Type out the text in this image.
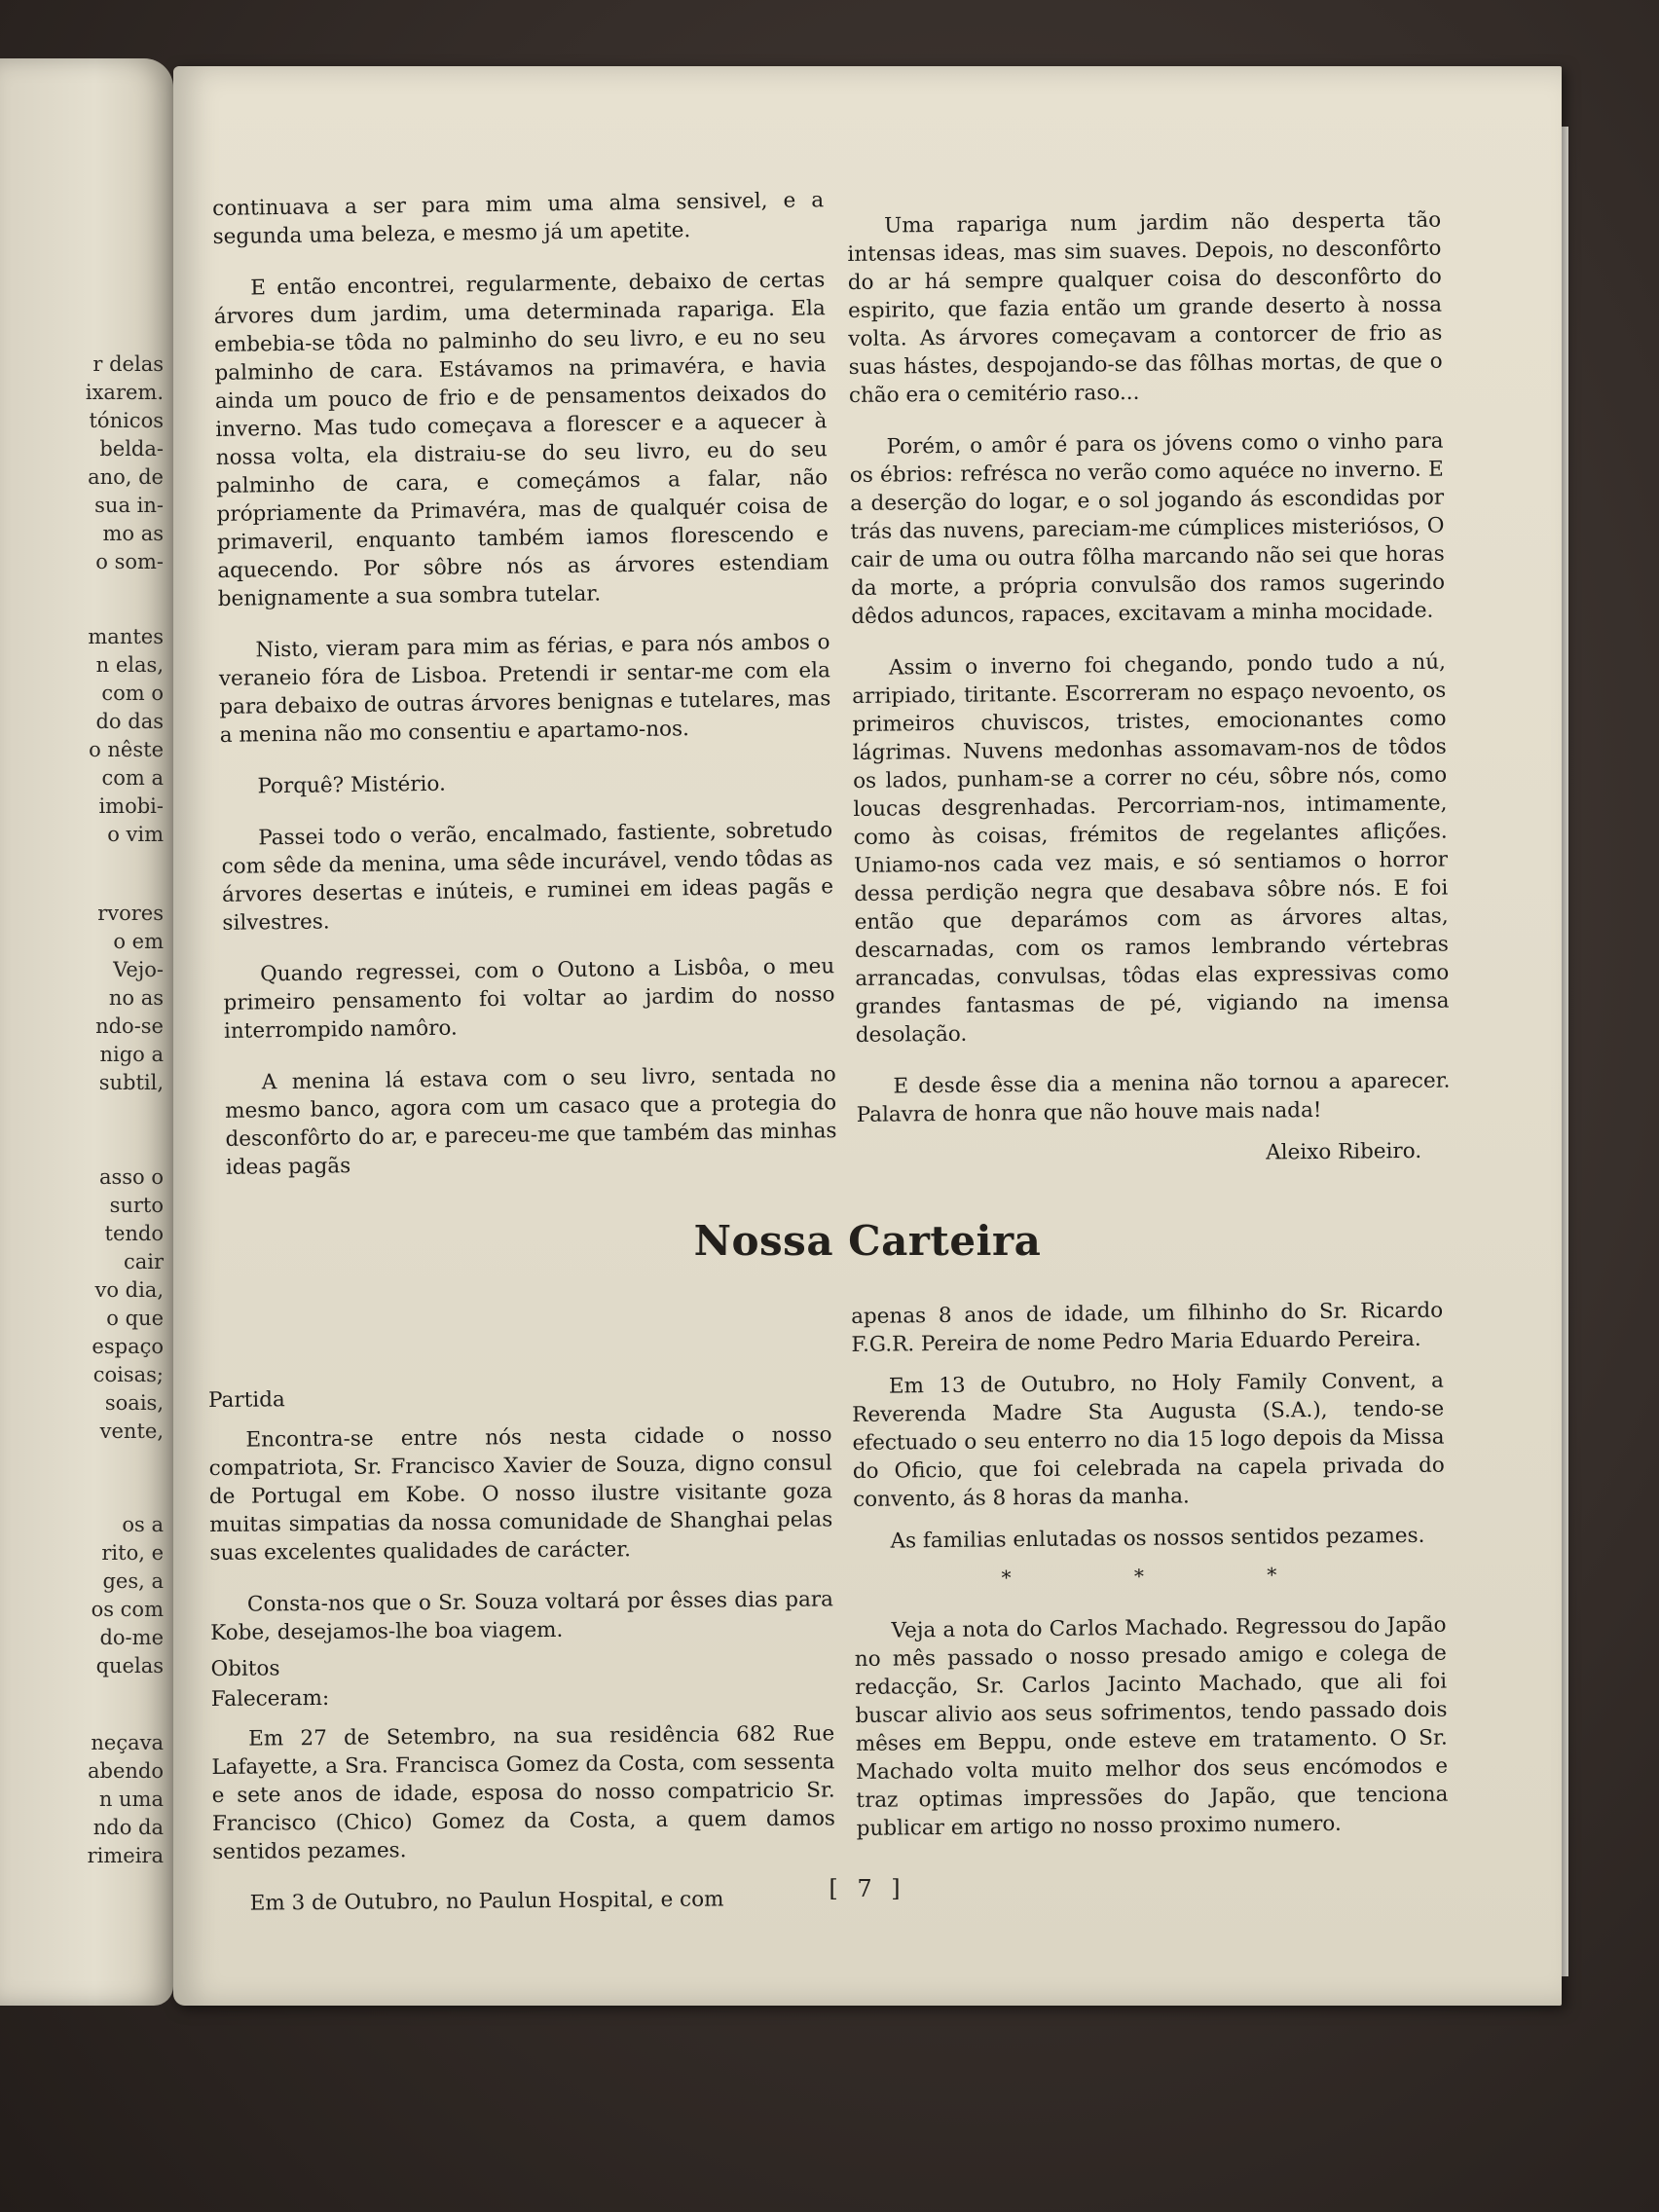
r delas
ixarem.
tónicos
belda-
ano, de
sua in-
mo as
o som-
mantes
n elas,
com o
do das
o nêste
com a
imobi-
o vim
rvores
o em
Vejo-
no as
ndo-se
nigo a
subtil,
asso o
surto
tendo
cair
vo dia,
o que
espaço
coisas;
soais,
vente,
os a
rito, e
ges, a
os com
do-me
quelas
neçava
abendo
n uma
ndo da
rimeira

continuava a ser para mim uma alma sensivel, e a segunda uma beleza, e mesmo já um apetite.

E então encontrei, regularmente, debaixo de certas árvores dum jardim, uma determinada rapariga. Ela embebia-se tôda no palminho do seu livro, e eu no seu palminho de cara. Estávamos na primavéra, e havia ainda um pouco de frio e de pensamentos deixados do inverno. Mas tudo começava a florescer e a aquecer à nossa volta, ela distraiu-se do seu livro, eu do seu palminho de cara, e começámos a falar, não própriamente da Primavéra, mas de qualquér coisa de primaveril, enquanto também iamos florescendo e aquecendo. Por sôbre nós as árvores estendiam benignamente a sua sombra tutelar.

Nisto, vieram para mim as férias, e para nós ambos o veraneio fóra de Lisboa. Pretendi ir sentar-me com ela para debaixo de outras árvores benignas e tutelares, mas a menina não mo consentiu e apartamo-nos.

Porquê? Mistério.

Passei todo o verão, encalmado, fastiente, sobretudo com sêde da menina, uma sêde incurável, vendo tôdas as árvores desertas e inúteis, e ruminei em ideas pagãs e silvestres.

Quando regressei, com o Outono a Lisbôa, o meu primeiro pensamento foi voltar ao jardim do nosso interrompido namôro.

A menina lá estava com o seu livro, sentada no mesmo banco, agora com um casaco que a protegia do desconfôrto do ar, e pareceu-me que também das minhas ideas pagãs

Uma rapariga num jardim não desperta tão intensas ideas, mas sim suaves. Depois, no desconfôrto do ar há sempre qualquer coisa do desconfôrto do espirito, que fazia então um grande deserto à nossa volta. As árvores começavam a contorcer de frio as suas hástes, despojando-se das fôlhas mortas, de que o chão era o cemitério raso...

Porém, o amôr é para os jóvens como o vinho para os ébrios: refrésca no verão como aquéce no inverno. E a deserção do logar, e o sol jogando ás escondidas por trás das nuvens, pareciam-me cúmplices misteriósos, O cair de uma ou outra fôlha marcando não sei que horas da morte, a própria convulsão dos ramos sugerindo dêdos aduncos, rapaces, excitavam a minha mocidade.

Assim o inverno foi chegando, pondo tudo a nú, arripiado, tiritante. Escorreram no espaço nevoento, os primeiros chuviscos, tristes, emocionantes como lágrimas. Nuvens medonhas assomavam-nos de tôdos os lados, punham-se a correr no céu, sôbre nós, como loucas desgrenhadas. Percorriam-nos, intimamente, como às coisas, frémitos de regelantes afliçőes. Uniamo-nos cada vez mais, e só sentiamos o horror dessa perdição negra que desabava sôbre nós. E foi então que deparámos com as árvores altas, descarnadas, com os ramos lembrando vértebras arrancadas, convulsas, tôdas elas expressivas como grandes fantasmas de pé, vigiando na imensa desolação.

E desde êsse dia a menina não tornou a aparecer. Palavra de honra que não houve mais nada!

Aleixo Ribeiro.

Nossa Carteira

Partida

Encontra-se entre nós nesta cidade o nosso compatriota, Sr. Francisco Xavier de Souza, digno consul de Portugal em Kobe. O nosso ilustre visitante goza muitas simpatias da nossa comunidade de Shanghai pelas suas excelentes qualidades de carácter.

Consta-nos que o Sr. Souza voltará por êsses dias para Kobe, desejamos-lhe boa viagem.

Obitos

Faleceram:

Em 27 de Setembro, na sua residência 682 Rue Lafayette, a Sra. Francisca Gomez da Costa, com sessenta e sete anos de idade, esposa do nosso compatricio Sr. Francisco (Chico) Gomez da Costa, a quem damos sentidos pezames.

Em 3 de Outubro, no Paulun Hospital, e com

apenas 8 anos de idade, um filhinho do Sr. Ricardo F.G.R. Pereira de nome Pedro Maria Eduardo Pereira.

Em 13 de Outubro, no Holy Family Convent, a Reverenda Madre Sta Augusta (S.A.), tendo-se efectuado o seu enterro no dia 15 logo depois da Missa do Oficio, que foi celebrada na capela privada do convento, ás 8 horas da manha.

As familias enlutadas os nossos sentidos pezames.

* * *

Veja a nota do Carlos Machado. Regressou do Japão no mês passado o nosso presado amigo e colega de redacção, Sr. Carlos Jacinto Machado, que ali foi buscar alivio aos seus sofrimentos, tendo passado dois mêses em Beppu, onde esteve em tratamento. O Sr. Machado volta muito melhor dos seus encómodos e traz optimas impressões do Japão, que tenciona publicar em artigo no nosso proximo numero.

[ 7 ]
